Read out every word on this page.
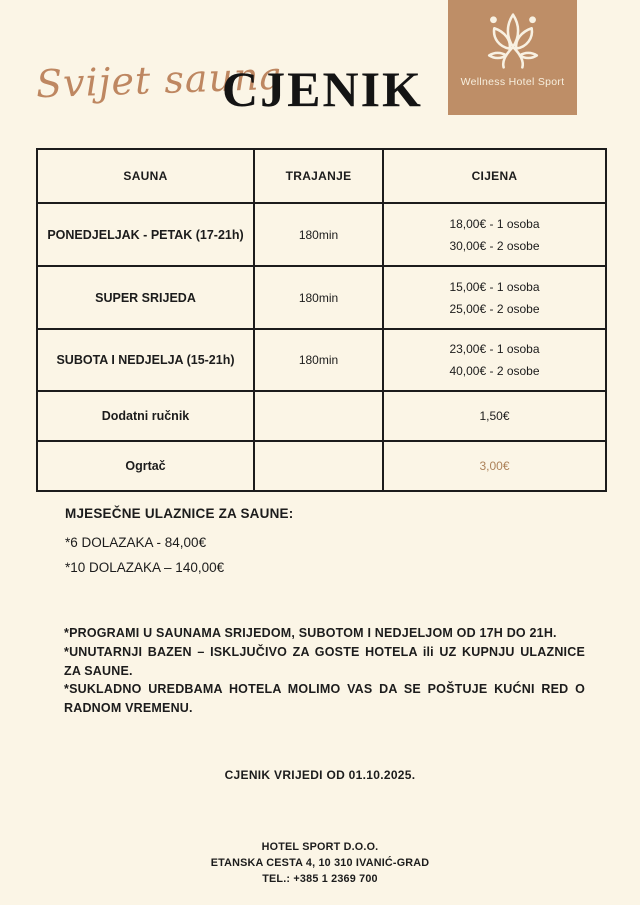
Svijet sauna
CJENIK	Wellness Hotel Sport
SAUNA	TRAJANJE	CIJENA
PONEDJELJAK - PETAK (17-21h)	180min	18,00€ - 1 osoba
30,00€ - 2 osobe

SUPER SRIJEDA	180min	15,00€ - 1 osoba
25,00€ - 2 osobe

SUBOTA I NEDJELJA (15-21h)	180min	23,00€ - 1 osoba
40,00€ - 2 osobe

Dodatni ručnik		1,50€

Ogrtač		3,00€
MJESEČNE ULAZNICE ZA SAUNE:
*6 DOLAZAKA - 84,00€
*10 DOLAZAKA – 140,00€

*PROGRAMI U SAUNAMA SRIJEDOM, SUBOTOM I NEDJELJOM OD 17H DO 21H.

*UNUTARNJI BAZEN – ISKLJUČIVO ZA GOSTE HOTELA ili UZ KUPNJU ULAZNICE ZA SAUNE.

*SUKLADNO UREDBAMA HOTELA MOLIMO VAS DA SE POŠTUJE KUĆNI RED O RADNOM VREMENU.

CJENIK VRIJEDI OD 01.10.2025.
HOTEL SPORT D.O.O.
ETANSKA CESTA 4, 10 310 IVANIĆ-GRAD
TEL.: +385 1 2369 700
